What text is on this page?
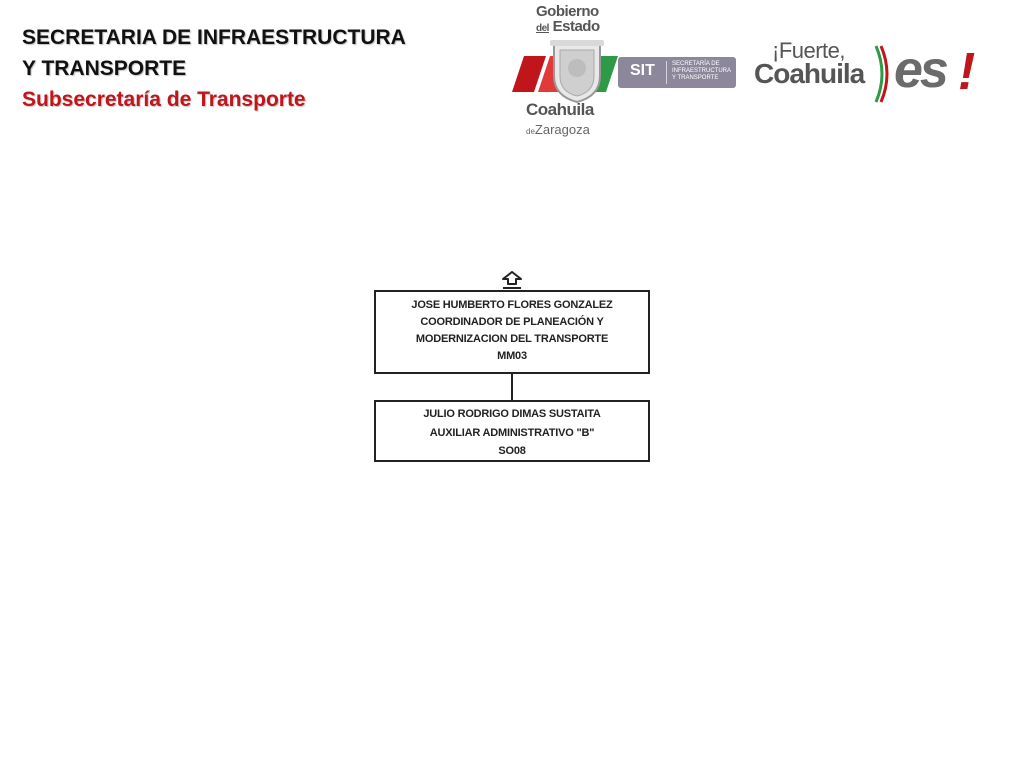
SECRETARIA DE INFRAESTRUCTURA
Y TRANSPORTE
Subsecretaría de Transporte
Gobierno
del Estado
Coahuila
deZaragoza
SIT	SECRETARÍA DE
INFRAESTRUCTURA
Y TRANSPORTE
¡Fuerte,
Coahuila es !
JOSE HUMBERTO FLORES GONZALEZ
COORDINADOR DE PLANEACIÓN Y
MODERNIZACION DEL TRANSPORTE
MM03
JULIO RODRIGO DIMAS SUSTAITA
AUXILIAR ADMINISTRATIVO "B"
SO08
